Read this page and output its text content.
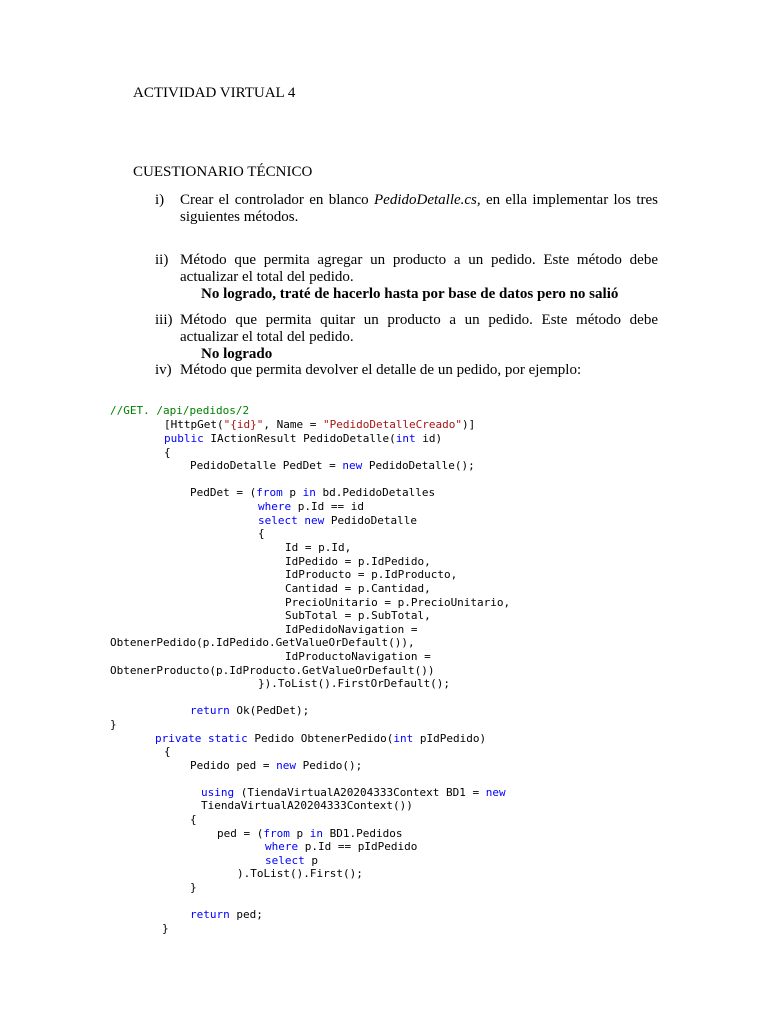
ACTIVIDAD VIRTUAL 4
CUESTIONARIO TÉCNICO
i)	Crear el controlador en blanco PedidoDetalle.cs, en ella implementar los tres siguientes métodos.
ii) Método que permita agregar un producto a un pedido. Este método debe actualizar el total del pedido.
No logrado, traté de hacerlo hasta por base de datos pero no salió
iii) Método que permita quitar un producto a un pedido. Este método debe actualizar el total del pedido.
No logrado
iv) Método que permita devolver el detalle de un pedido, por ejemplo:
//GET. /api/pedidos/2
[HttpGet("{id}", Name = "PedidoDetalleCreado")]
public IActionResult PedidoDetalle(int id)
{
PedidoDetalle PedDet = new PedidoDetalle();
PedDet = (from p in bd.PedidoDetalles
where p.Id == id
select new PedidoDetalle
{
Id = p.Id,
IdPedido = p.IdPedido,
IdProducto = p.IdProducto,
Cantidad = p.Cantidad,
PrecioUnitario = p.PrecioUnitario,
SubTotal = p.SubTotal,
IdPedidoNavigation =
ObtenerPedido(p.IdPedido.GetValueOrDefault()),
IdProductoNavigation =
ObtenerProducto(p.IdProducto.GetValueOrDefault())
}).ToList().FirstOrDefault();
return Ok(PedDet);
}
private static Pedido ObtenerPedido(int pIdPedido)
{
Pedido ped = new Pedido();
using (TiendaVirtualA20204333Context BD1 = new
TiendaVirtualA20204333Context())
{
ped = (from p in BD1.Pedidos
where p.Id == pIdPedido
select p
).ToList().First();
}
return ped;
}
